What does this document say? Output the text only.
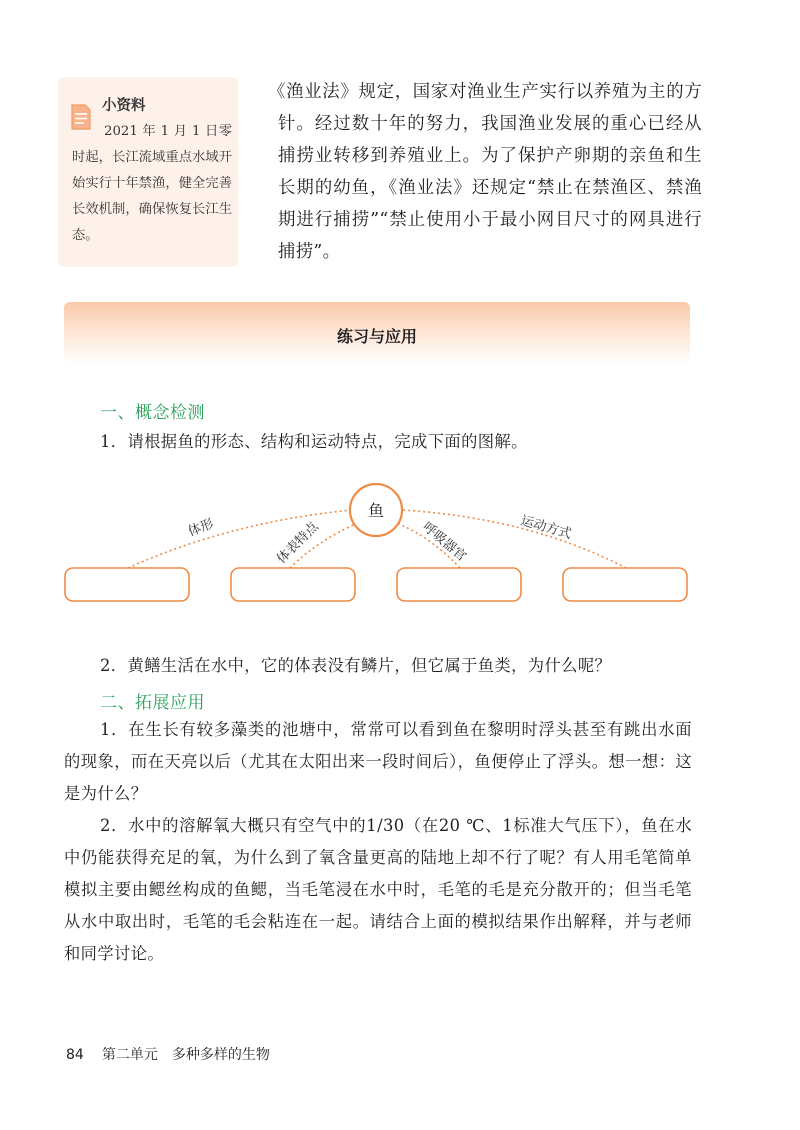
小资料
2021 年 1 月 1 日零时起，长江流域重点水域开始实行十年禁渔，健全完善长效机制，确保恢复长江生态。
《渔业法》规定，国家对渔业生产实行以养殖为主的方针。经过数十年的努力，我国渔业发展的重心已经从捕捞业转移到养殖业上。为了保护产卵期的亲鱼和生长期的幼鱼，《渔业法》还规定“禁止在禁渔区、禁渔期进行捕捞”“禁止使用小于最小网目尺寸的网具进行捕捞”。
练习与应用
一、概念检测
1．请根据鱼的形态、结构和运动特点，完成下面的图解。
鱼
体形	体表特点	呼吸器官	运动方式
2．黄鳝生活在水中，它的体表没有鳞片，但它属于鱼类，为什么呢？
二、拓展应用
1．在生长有较多藻类的池塘中，常常可以看到鱼在黎明时浮头甚至有跳出水面的现象，而在天亮以后（尤其在太阳出来一段时间后），鱼便停止了浮头。想一想：这是为什么？
2．水中的溶解氧大概只有空气中的1/30（在20 ℃、1标准大气压下），鱼在水中仍能获得充足的氧，为什么到了氧含量更高的陆地上却不行了呢？有人用毛笔简单模拟主要由鳃丝构成的鱼鳃，当毛笔浸在水中时，毛笔的毛是充分散开的；但当毛笔从水中取出时，毛笔的毛会粘连在一起。请结合上面的模拟结果作出解释，并与老师和同学讨论。
84 第二单元　多种多样的生物
